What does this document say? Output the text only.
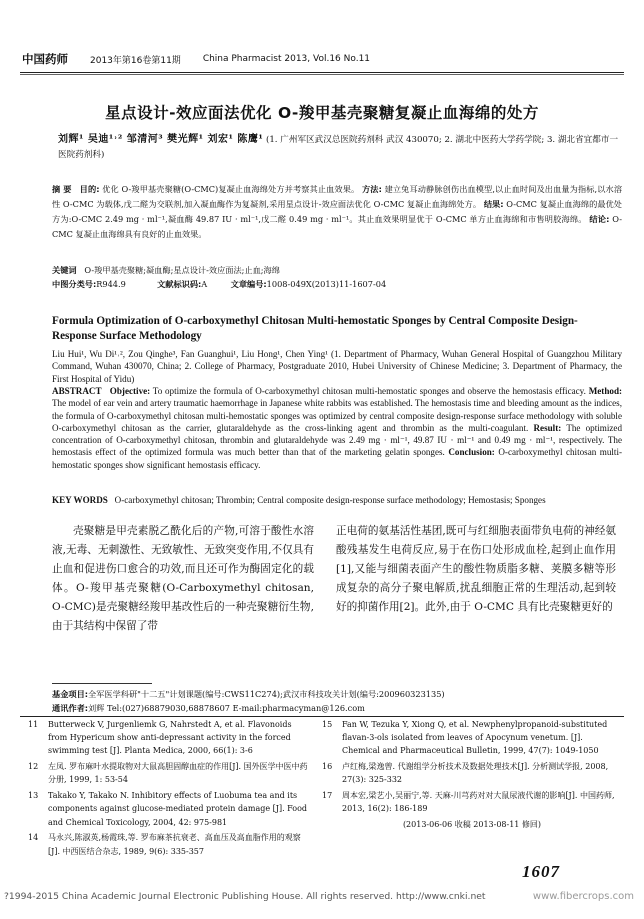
中国药师 2013年第16卷第11期 China Pharmacist 2013, Vol.16 No.11
星点设计-效应面法优化 O-羧甲基壳聚糖复凝止血海绵的处方
刘辉¹ 吴迪¹˒² 邹清河³ 樊光辉¹ 刘宏¹ 陈鹰¹ (1. 广州军区武汉总医院药剂科 武汉 430070; 2. 湖北中医药大学药学院; 3. 湖北省宜都市一医院药剂科)
摘 要 目的: 优化 O-羧甲基壳聚糖(O-CMC)复凝止血海绵处方并考察其止血效果。 方法: 建立兔耳动静脉创伤出血模型,以止血时间及出血量为指标,以水溶性 O-CMC 为载体,戊二醛为交联剂,加入凝血酶作为复凝剂,采用星点设计-效应面法优化 O-CMC 复凝止血海绵处方。 结果: O-CMC 复凝止血海绵的最优处方为:O-CMC 2.49 mg · ml⁻¹,凝血酶 49.87 IU · ml⁻¹,戊二醛 0.49 mg · ml⁻¹。其止血效果明显优于 O-CMC 单方止血海绵和市售明胶海绵。 结论: O-CMC 复凝止血海绵具有良好的止血效果。
关键词 O-羧甲基壳聚糖;凝血酶;星点设计-效应面法;止血;海绵
中图分类号:R944.9	文献标识码:A	文章编号:1008-049X(2013)11-1607-04
Formula Optimization of O-carboxymethyl Chitosan Multi-hemostatic Sponges by Central Composite Design-Response Surface Methodology
Liu Hui¹, Wu Di¹˒², Zou Qinghe³, Fan Guanghui¹, Liu Hong¹, Chen Ying¹ (1. Department of Pharmacy, Wuhan General Hospital of Guangzhou Military Command, Wuhan 430070, China; 2. College of Pharmacy, Postgraduate 2010, Hubei University of Chinese Medicine; 3. Department of Pharmacy, the First Hospital of Yidu)
ABSTRACT Objective: To optimize the formula of O-carboxymethyl chitosan multi-hemostatic sponges and observe the hemostasis efficacy. Method: The model of ear vein and artery traumatic haemorrhage in Japanese white rabbits was established. The hemostasis time and bleeding amount as the indices, the formula of O-carboxymethyl chitosan multi-hemostatic sponges was optimized by central composite design-response surface methodology with soluble O-carboxymethyl chitosan as the carrier, glutaraldehyde as the cross-linking agent and thrombin as the multi-coagulant. Result: The optimized concentration of O-carboxymethyl chitosan, thrombin and glutaraldehyde was 2.49 mg · ml⁻¹, 49.87 IU · ml⁻¹ and 0.49 mg · ml⁻¹, respectively. The hemostasis effect of the optimized formula was much better than that of the marketing gelatin sponges. Conclusion: O-carboxymethyl chitosan multi-hemostatic sponges show significant hemostasis efficacy.
KEY WORDS O-carboxymethyl chitosan; Thrombin; Central composite design-response surface methodology; Hemostasis; Sponges
壳聚糖是甲壳素脱乙酰化后的产物,可溶于酸性水溶液,无毒、无刺激性、无致敏性、无致突变作用,不仅具有止血和促进伤口愈合的功效,而且还可作为酶固定化的载体。O-羧甲基壳聚糖(O-Carboxymethyl chitosan, O-CMC)是壳聚糖经羧甲基改性后的一种壳聚糖衍生物,由于其结构中保留了带
正电荷的氨基活性基团,既可与红细胞表面带负电荷的神经氨酸残基发生电荷反应,易于在伤口处形成血栓,起到止血作用[1],又能与细菌表面产生的酸性物质脂多糖、荚膜多糖等形成复杂的高分子聚电解质,扰乱细胞正常的生理活动,起到较好的抑菌作用[2]。此外,由于 O-CMC 具有比壳聚糖更好的
基金项目:全军医学科研"十二五"计划课题(编号:CWS11C274);武汉市科技攻关计划(编号:200960323135)
通讯作者:刘辉 Tel:(027)68879030,68878607 E-mail:pharmacyman@126.com
11	Butterweck V, Jurgenliemk G, Nahrstedt A, et al. Flavonoids from Hypericum show anti-depressant activity in the forced swimming test [J]. Planta Medica, 2000, 66(1): 3-6
12	左凤. 罗布麻叶水提取物对大鼠高胆固醇血症的作用[J]. 国外医学中医中药分册, 1999, 1: 53-54
13	Takako Y, Takako N. Inhibitory effects of Luobuma tea and its components against glucose-mediated protein damage [J]. Food and Chemical Toxicology, 2004, 42: 975-981
14	马永兴,陈淑英,杨霞珠,等. 罗布麻茶抗衰老、高血压及高血脂作用的观察[J]. 中西医结合杂志, 1989, 9(6): 335-357
15	Fan W, Tezuka Y, Xiong Q, et al. Newphenylpropanoid-substituted flavan-3-ols isolated from leaves of Apocynum venetum. [J]. Chemical and Pharmaceutical Bulletin, 1999, 47(7): 1049-1050
16	卢红梅,梁逸曾. 代谢组学分析技术及数据处理技术[J]. 分析测试学报, 2008, 27(3): 325-332
17	周本宏,梁艺小,吴丽宁,等. 天麻-川芎药对对大鼠尿液代谢的影响[J]. 中国药师, 2013, 16(2): 186-189
(2013-06-06 收稿 2013-08-11 修回)
1607
?1994-2015 China Academic Journal Electronic Publishing House. All rights reserved. http://www.cnki.net	www.fibercrops.com
